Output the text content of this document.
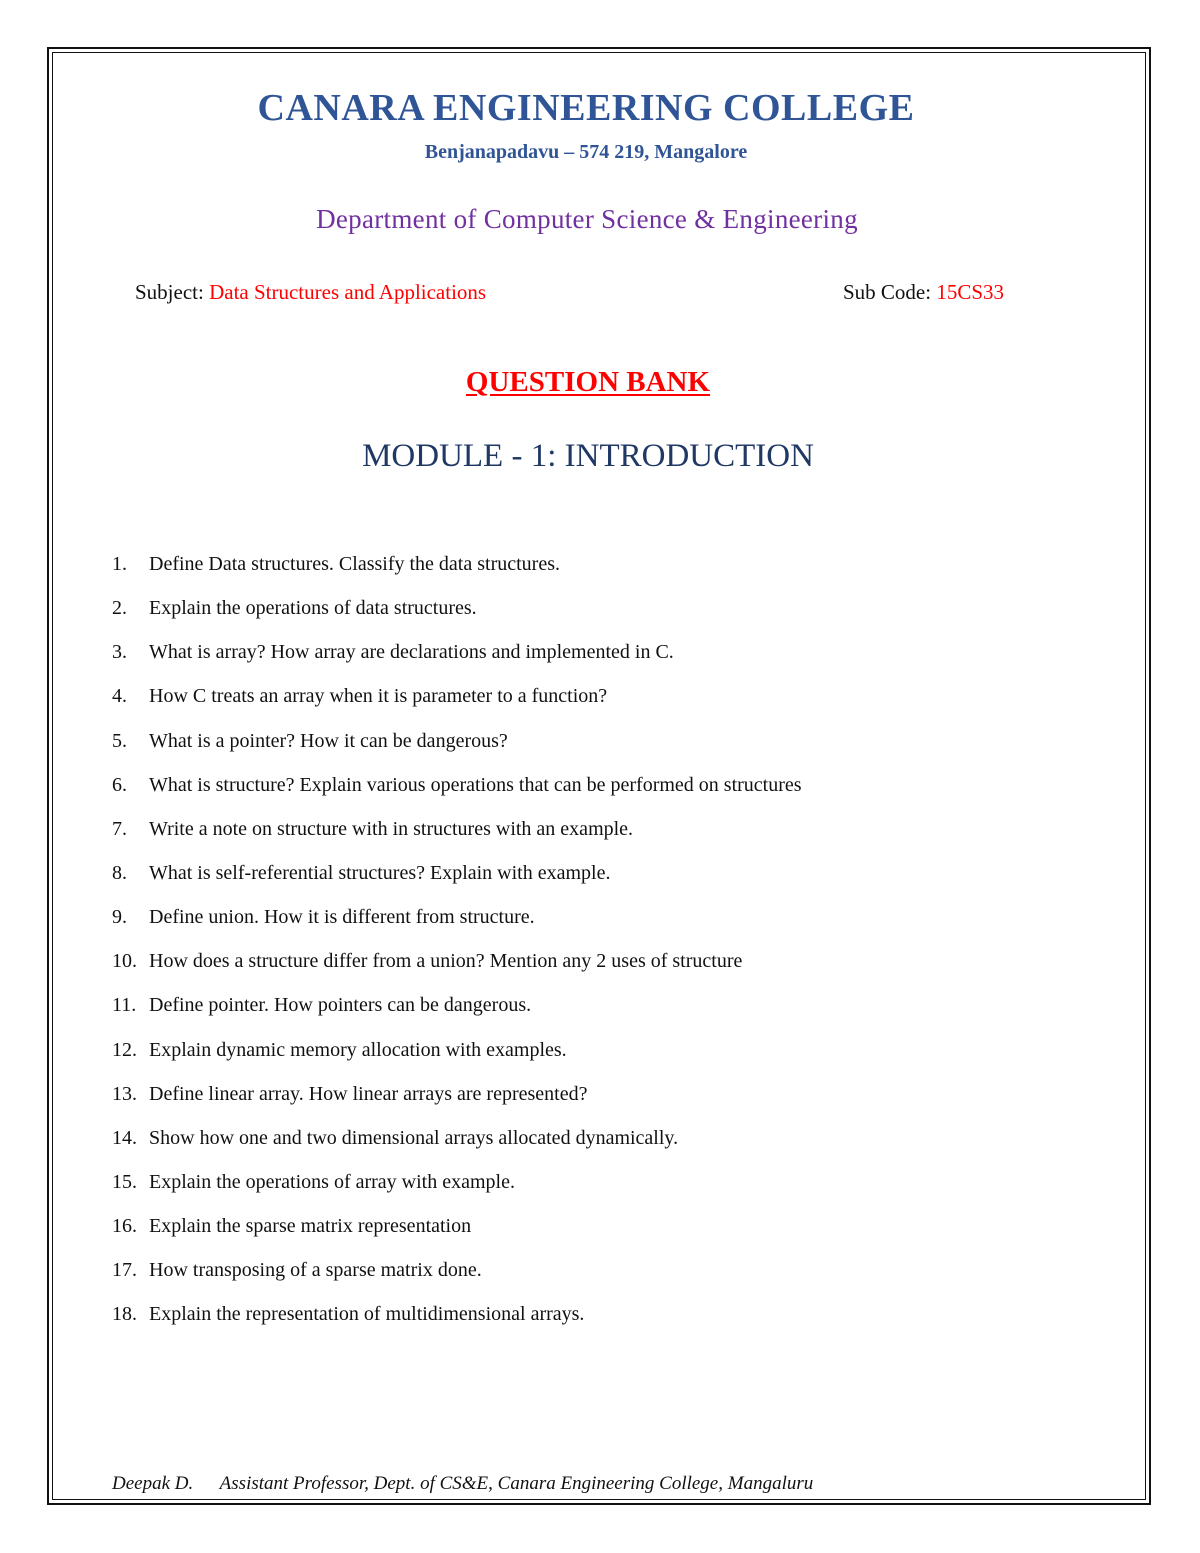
CANARA ENGINEERING COLLEGE
Benjanapadavu – 574 219, Mangalore
Department of Computer Science & Engineering
Subject: Data Structures and Applications	Sub Code: 15CS33
QUESTION BANK
MODULE - 1: INTRODUCTION
1.	Define Data structures. Classify the data structures.
2.	Explain the operations of data structures.
3.	What is array? How array are declarations and implemented in C.
4.	How C treats an array when it is parameter to a function?
5.	What is a pointer? How it can be dangerous?
6.	What is structure? Explain various operations that can be performed on structures
7.	Write a note on structure with in structures with an example.
8.	What is self-referential structures? Explain with example.
9.	Define union. How it is different from structure.
10. How does a structure differ from a union? Mention any 2 uses of structure
11. Define pointer. How pointers can be dangerous.
12. Explain dynamic memory allocation with examples.
13. Define linear array. How linear arrays are represented?
14. Show how one and two dimensional arrays allocated dynamically.
15. Explain the operations of array with example.
16. Explain the sparse matrix representation
17. How transposing of a sparse matrix done.
18. Explain the representation of multidimensional arrays.
Deepak D. Assistant Professor, Dept. of CS&E, Canara Engineering College, Mangaluru
